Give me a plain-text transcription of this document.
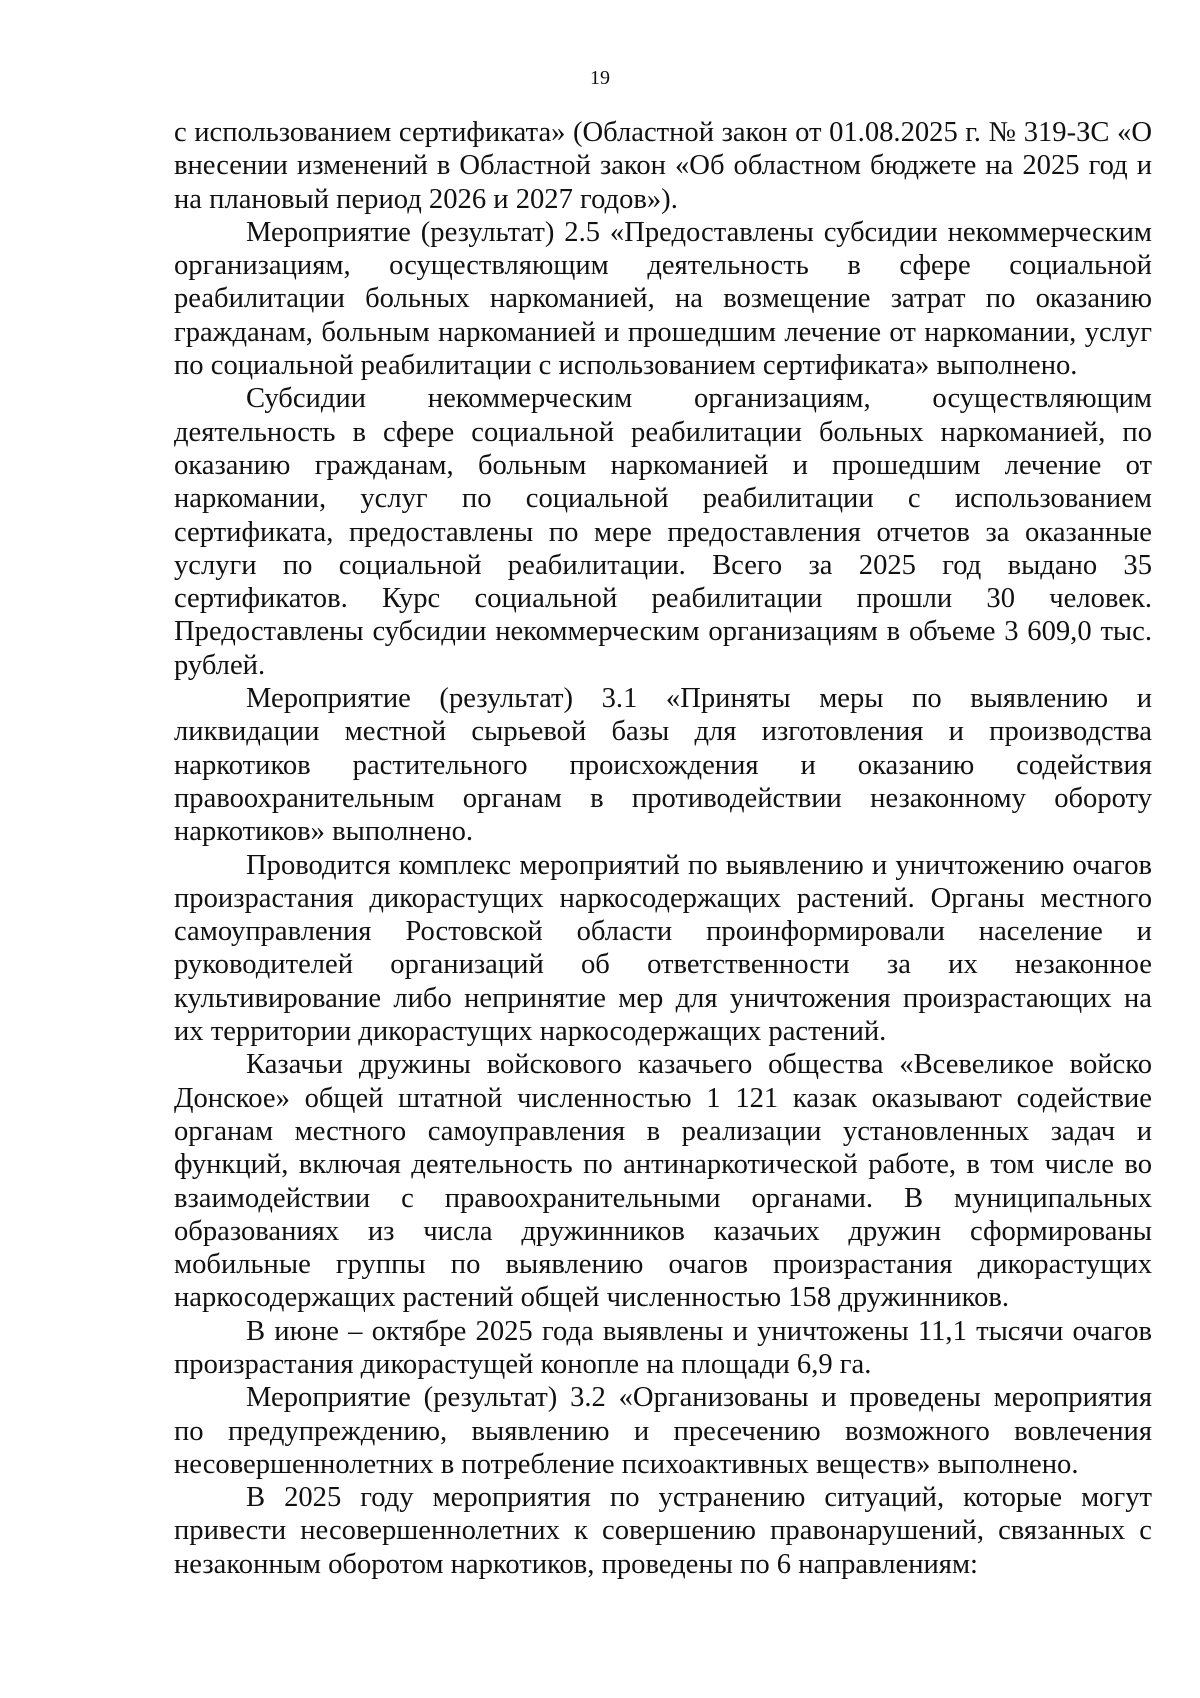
19

с использованием сертификата» (Областной закон от 01.08.2025 г. № 319-ЗС «О внесении изменений в Областной закон «Об областном бюджете на 2025 год и на плановый период 2026 и 2027 годов»).

Мероприятие (результат) 2.5 «Предоставлены субсидии некоммерческим организациям, осуществляющим деятельность в сфере социальной реабилитации больных наркоманией, на возмещение затрат по оказанию гражданам, больным наркоманией и прошедшим лечение от наркомании, услуг по социальной реабилитации с использованием сертификата» выполнено.

Субсидии некоммерческим организациям, осуществляющим деятельность в сфере социальной реабилитации больных наркоманией, по оказанию гражданам, больным наркоманией и прошедшим лечение от наркомании, услуг по социальной реабилитации с использованием сертификата, предоставлены по мере предоставления отчетов за оказанные услуги по социальной реабилитации. Всего за 2025 год выдано 35 сертификатов. Курс социальной реабилитации прошли 30 человек. Предоставлены субсидии некоммерческим организациям в объеме 3 609,0 тыс. рублей.

Мероприятие (результат) 3.1 «Приняты меры по выявлению и ликвидации местной сырьевой базы для изготовления и производства наркотиков растительного происхождения и оказанию содействия правоохранительным органам в противодействии незаконному обороту наркотиков» выполнено.

Проводится комплекс мероприятий по выявлению и уничтожению очагов произрастания дикорастущих наркосодержащих растений. Органы местного самоуправления Ростовской области проинформировали население и руководителей организаций об ответственности за их незаконное культивирование либо непринятие мер для уничтожения произрастающих на их территории дикорастущих наркосодержащих растений.

Казачьи дружины войскового казачьего общества «Всевеликое войско Донское» общей штатной численностью 1 121 казак оказывают содействие органам местного самоуправления в реализации установленных задач и функций, включая деятельность по антинаркотической работе, в том числе во взаимодействии с правоохранительными органами. В муниципальных образованиях из числа дружинников казачьих дружин сформированы мобильные группы по выявлению очагов произрастания дикорастущих наркосодержащих растений общей численностью 158 дружинников.

В июне – октябре 2025 года выявлены и уничтожены 11,1 тысячи очагов произрастания дикорастущей конопле на площади 6,9 га.

Мероприятие (результат) 3.2 «Организованы и проведены мероприятия по предупреждению, выявлению и пресечению возможного вовлечения несовершеннолетних в потребление психоактивных веществ» выполнено.

В 2025 году мероприятия по устранению ситуаций, которые могут привести несовершеннолетних к совершению правонарушений, связанных с незаконным оборотом наркотиков, проведены по 6 направлениям:
